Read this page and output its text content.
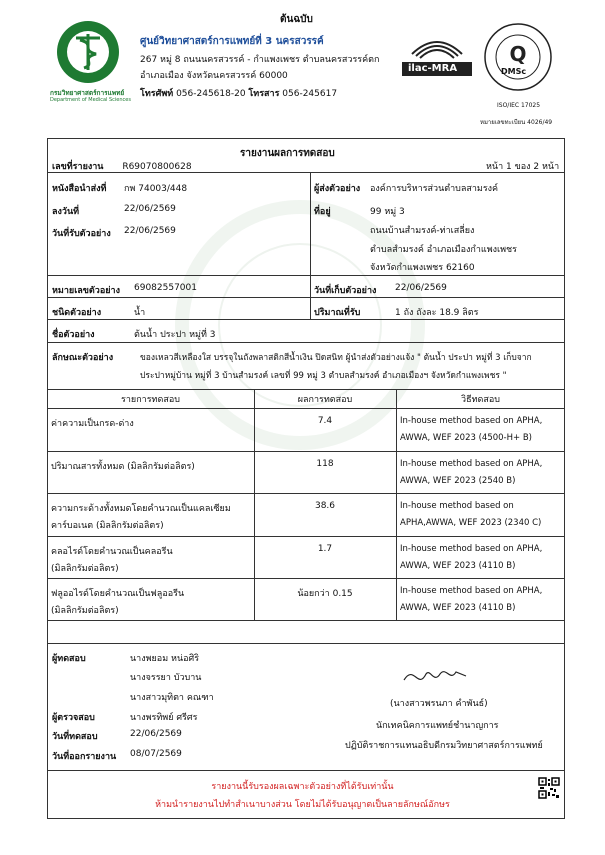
ต้นฉบับ
กรมวิทยาศาสตร์การแพทย์
Department of Medical Sciences
ศูนย์วิทยาศาสตร์การแพทย์ที่ 3 นครสวรรค์
267 หมู่ 8 ถนนนครสวรรค์ - กำแพงเพชร ตำบลนครสวรรค์ตก
อำเภอเมือง จังหวัดนครสวรรค์ 60000
โทรศัพท์ 056-245618-20 โทรสาร 056-245617
ilac-MRA
Q
DMSc
ISO/IEC 17025
หมายเลขทะเบียน 4026/49
รายงานผลการทดสอบ
เลขที่รายงาน R69070800628	หน้า 1 ของ 2 หน้า
หนังสือนำส่งที่ กพ 74003/448
ลงวันที่	22/06/2569
วันที่รับตัวอย่าง 22/06/2569
ผู้ส่งตัวอย่าง องค์การบริหารส่วนตำบลสามรงค์
ที่อยู่	99 หมู่ 3
ถนนบ้านสำมรงค์-ท่าเสลี่ยง
ตำบลสำมรงค์ อำเภอเมืองกำแพงเพชร
จังหวัดกำแพงเพชร 62160
หมายเลขตัวอย่าง 69082557001	วันที่เก็บตัวอย่าง 22/06/2569
ชนิดตัวอย่าง	น้ำ	ปริมาณที่รับ	1 ถัง ถังละ 18.9 ลิตร
ชื่อตัวอย่าง	ต้นน้ำ ประปา หมู่ที่ 3
ลักษณะตัวอย่าง	ของเหลวสีเหลืองใส บรรจุในถังพลาสติกสีน้ำเงิน ปิดสนิท ผู้นำส่งตัวอย่างแจ้ง " ต้นน้ำ ประปา หมู่ที่ 3 เก็บจาก
ประปาหมู่บ้าน หมู่ที่ 3 บ้านสำมรงค์ เลขที่ 99 หมู่ 3 ตำบลสำมรงค์ อำเภอเมืองฯ จังหวัดกำแพงเพชร "
รายการทดสอบ	ผลการทดสอบ	วิธีทดสอบ
ค่าความเป็นกรด-ด่าง	7.4	In-house method based on APHA,
AWWA, WEF 2023 (4500-H+ B)
ปริมาณสารทั้งหมด (มิลลิกรัมต่อลิตร)	118	In-house method based on APHA,
AWWA, WEF 2023 (2540 B)
ความกระด้างทั้งหมดโดยคำนวณเป็นแคลเซียม
คาร์บอเนต (มิลลิกรัมต่อลิตร)
38.6	In-house method based on
APHA,AWWA, WEF 2023 (2340 C)
คลอไรด์โดยคำนวณเป็นคลอรีน
(มิลลิกรัมต่อลิตร)
1.7	In-house method based on APHA,
AWWA, WEF 2023 (4110 B)
ฟลูออไรด์โดยคำนวณเป็นฟลูออรีน
(มิลลิกรัมต่อลิตร)
น้อยกว่า 0.15	In-house method based on APHA,
AWWA, WEF 2023 (4110 B)
ผู้ทดสอบ	นางพยอม หน่อศิริ
นางจรรยา บัวบาน
นางสาวมุทิตา คณฑา
ผู้ตรวจสอบ	นางพรทิพย์ ศรีศร
วันที่ทดสอบ	22/06/2569
วันที่ออกรายงาน 08/07/2569
(นางสาวพรนภา คำพันธ์)
นักเทคนิคการแพทย์ชำนาญการ
ปฏิบัติราชการแทนอธิบดีกรมวิทยาศาสตร์การแพทย์
รายงานนี้รับรองผลเฉพาะตัวอย่างที่ได้รับเท่านั้น
ห้ามนำรายงานไปทำสำเนาบางส่วน โดยไม่ได้รับอนุญาตเป็นลายลักษณ์อักษร
